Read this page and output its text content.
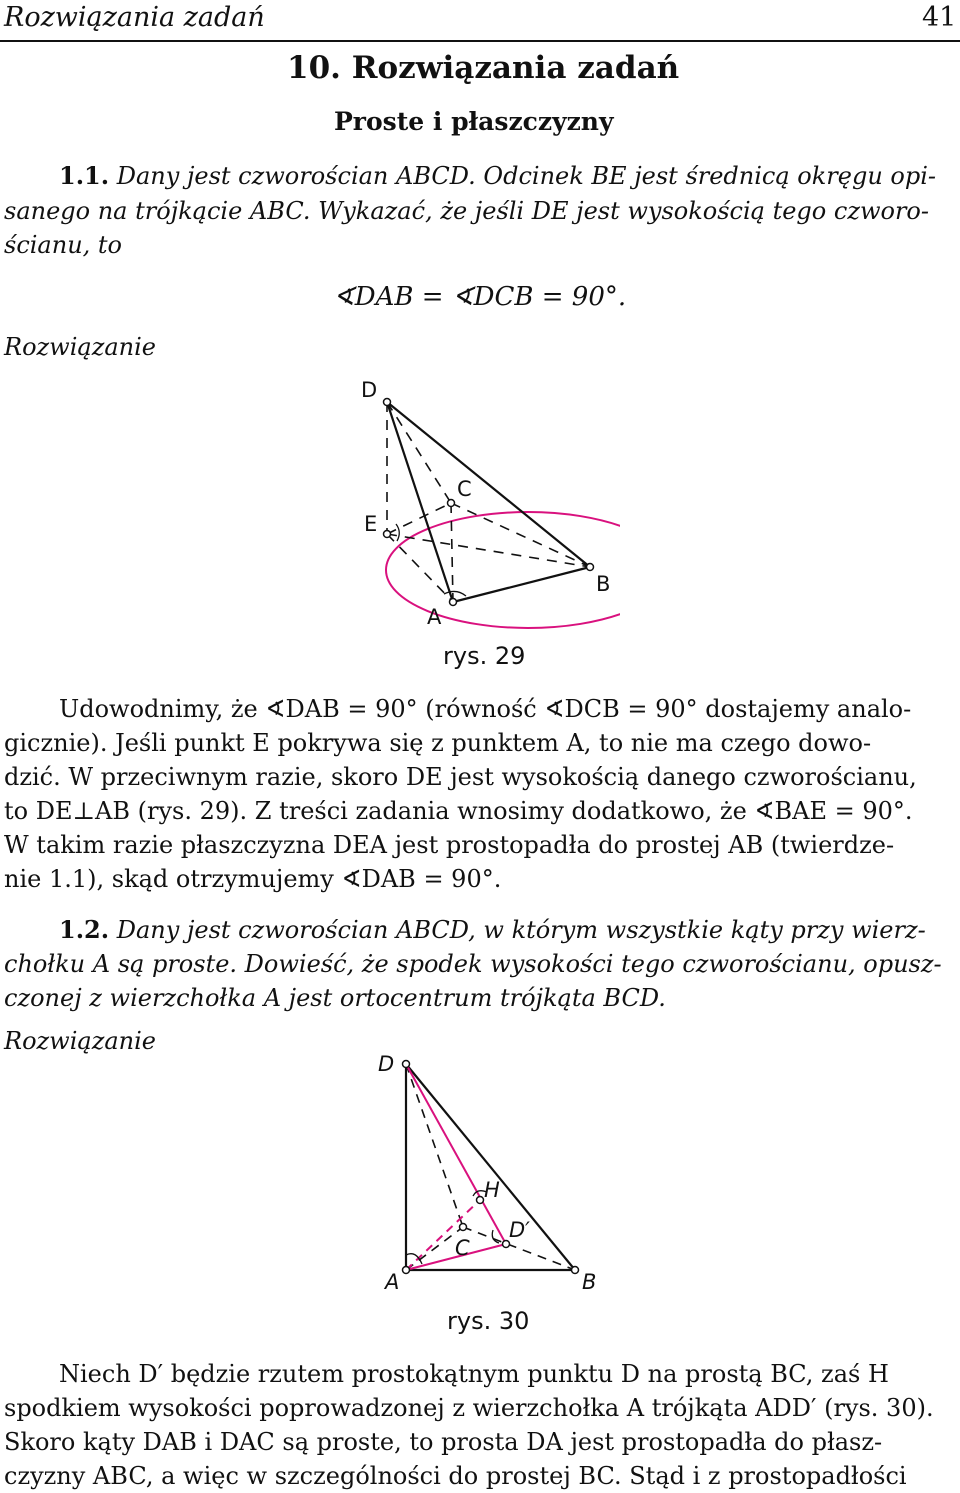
Rozwiązania zadań	41
10. Rozwiązania zadań
Proste i płaszczyzny
1.1. Dany jest czworościan ABCD. Odcinek BE jest średnicą okręgu opi-
sanego na trójkącie ABC. Wykazać, że jeśli DE jest wysokością tego czworo-
ścianu, to
∢DAB = ∢DCB = 90°.
Rozwiązanie
D
C
E
A
B
rys. 29
Udowodnimy, że ∢DAB = 90° (równość ∢DCB = 90° dostajemy analo-
gicznie). Jeśli punkt E pokrywa się z punktem A, to nie ma czego dowo-
dzić. W przeciwnym razie, skoro DE jest wysokością danego czworościanu,
to DE⊥AB (rys. 29). Z treści zadania wnosimy dodatkowo, że ∢BAE = 90°.
W takim razie płaszczyzna DEA jest prostopadła do prostej AB (twierdze-
nie 1.1), skąd otrzymujemy ∢DAB = 90°.
1.2. Dany jest czworościan ABCD, w którym wszystkie kąty przy wierz-
chołku A są proste. Dowieść, że spodek wysokości tego czworościanu, opusz-
czonej z wierzchołka A jest ortocentrum trójkąta BCD.
Rozwiązanie
D
H
D′
C
A	B
rys. 30
Niech D′ będzie rzutem prostokątnym punktu D na prostą BC, zaś H
spodkiem wysokości poprowadzonej z wierzchołka A trójkąta ADD′ (rys. 30).
Skoro kąty DAB i DAC są proste, to prosta DA jest prostopadła do płasz-
czyzny ABC, a więc w szczególności do prostej BC. Stąd i z prostopadłości
